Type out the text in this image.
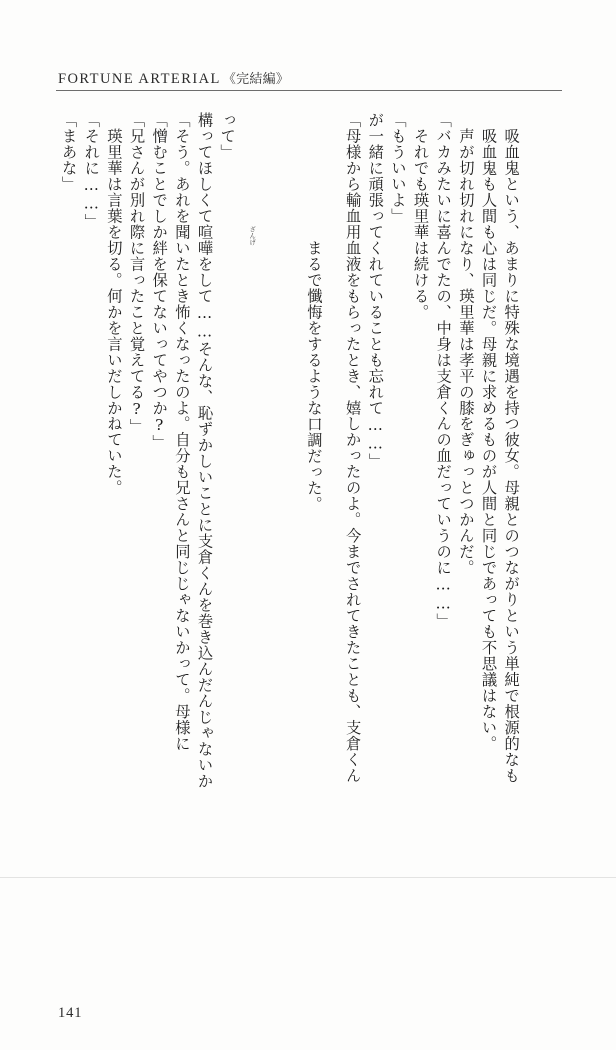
FORTUNE ARTERIAL 《完結編》
「まあな」 「それに……」 　瑛里華は言葉を切る。何かを言いだしかねていた。 「兄さんが別れ際に言ったこと覚えてる?」 「憎むことでしか絆を保てないってやつか?」 「そう。あれを聞いたとき怖くなったのよ。自分も兄さんと同じじゃないかって。母様に 構ってほしくて喧嘩をして……そんな、恥ずかしいことに支倉くんを巻き込んだんじゃないか って」

　まるで懺悔をするような口調だった。

ざんげ

	「母様から輸血用血液をもらったとき、嬉しかったのよ。今までされてきたことも、支倉くん が一緒に頑張ってくれていることも忘れて……」 「もういいよ」 　それでも瑛里華は続ける。 「バカみたいに喜んでたの、中身は支倉くんの血だっていうのに……」 　声が切れ切れになり、瑛里華は孝平の膝をぎゅっとつかんだ。 　吸血鬼も人間も心は同じだ。母親に求めるものが人間と同じであっても不思議はない。 　吸血鬼という、あまりに特殊な境遇を持つ彼女。母親とのつながりという単純で根源的なも
141
